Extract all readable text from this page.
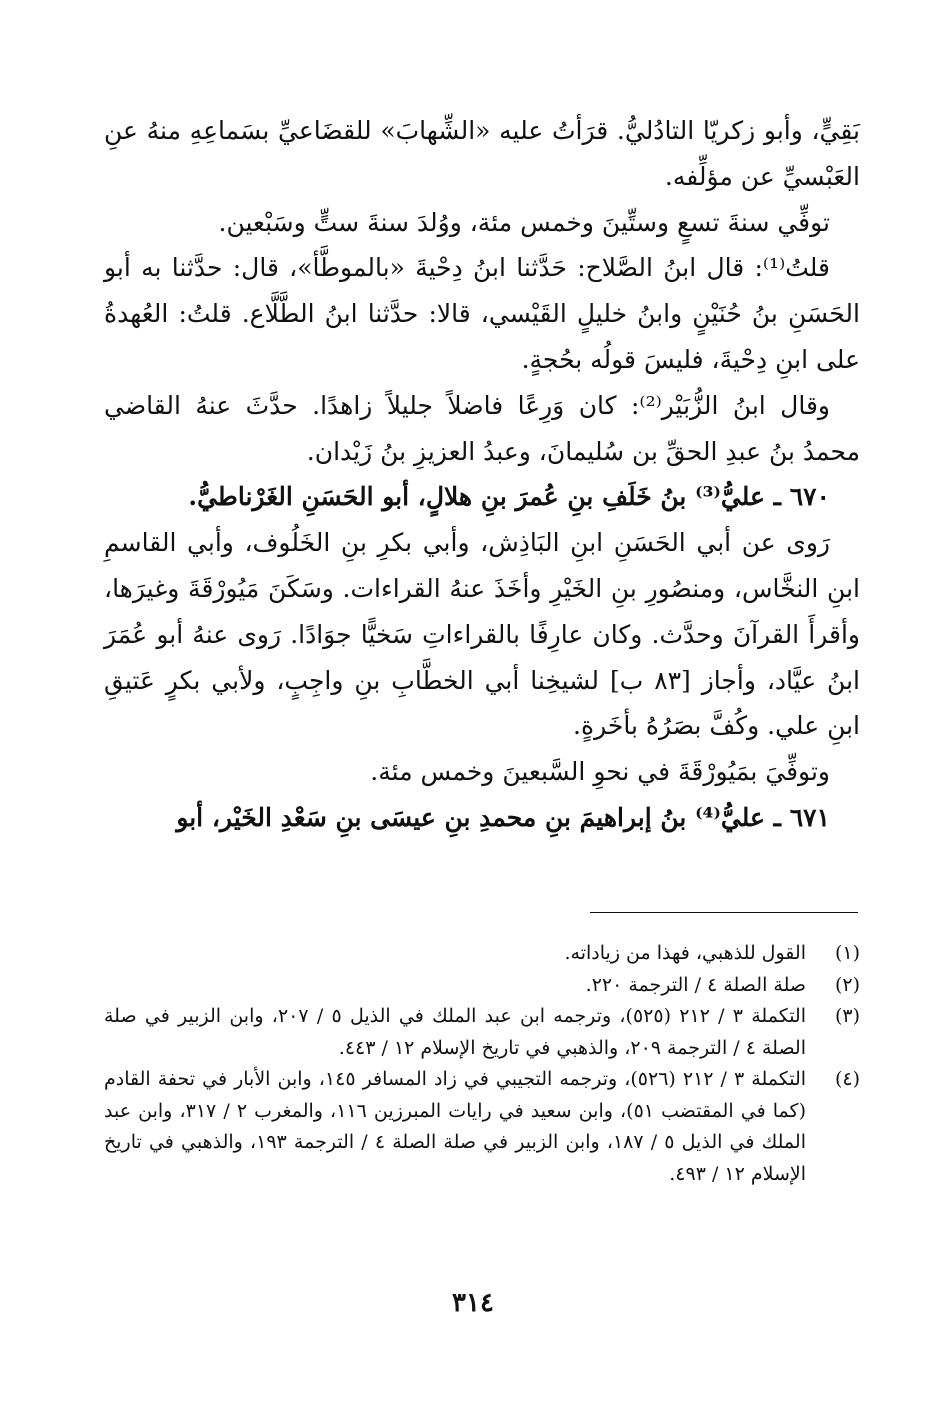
بَقِيٍّ، وأبو زكريّا التادُليُّ. قرَأتُ عليه «الشِّهابَ» للقضَاعيِّ بسَماعِهِ منهُ عنِ العَبْسيِّ عن مؤلِّفه.

توفِّي سنةَ تسعٍ وستِّينَ وخمس مئة، ووُلدَ سنةَ ستٍّ وسَبْعين.

قلتُ⁽¹⁾: قال ابنُ الصَّلاح: حَدَّثنا ابنُ دِحْيةَ «بالموطَّأ»، قال: حدَّثنا به أبو الحَسَنِ بنُ حُنَيْنٍ وابنُ خليلٍ القَيْسي، قالا: حدَّثنا ابنُ الطَّلَّاع. قلتُ: العُهدةُ على ابنِ دِحْيةَ، فليسَ قولُه بحُجةٍ.

وقال ابنُ الزُّبَيْر⁽²⁾: كان وَرِعًا فاضلاً جليلاً زاهدًا. حدَّثَ عنهُ القاضي محمدُ بنُ عبدِ الحقِّ بن سُليمانَ، وعبدُ العزيزِ بنُ زَيْدان.

٦٧٠ ـ عليُّ⁽³⁾ بنُ خَلَفِ بنِ عُمرَ بنِ هلالٍ، أبو الحَسَنِ الغَرْناطيُّ.

رَوى عن أبي الحَسَنِ ابنِ البَاذِش، وأبي بكرِ بنِ الخَلُوف، وأبي القاسمِ ابنِ النخَّاس، ومنصُورِ بنِ الخَيْرِ وأخَذَ عنهُ القراءات. وسَكَنَ مَيُورْقَةَ وغيرَها، وأقرأَ القرآنَ وحدَّث. وكان عارِفًا بالقراءاتِ سَخيًّا جوَادًا. رَوى عنهُ أبو عُمَرَ ابنُ عيَّاد، وأجاز [٨٣ ب] لشيخِنا أبي الخطَّابِ بنِ واجِبٍ، ولأبي بكرٍ عَتيقِ ابنِ علي. وكُفَّ بصَرُهُ بأخَرةٍ.

وتوفِّيَ بمَيُورْقَةَ في نحوِ السَّبعينَ وخمس مئة.

٦٧١ ـ عليُّ⁽⁴⁾ بنُ إبراهيمَ بنِ محمدِ بنِ عيسَى بنِ سَعْدِ الخَيْر، أبو

(١)
القول للذهبي، فهذا من زياداته.
(٢)
صلة الصلة ٤ / الترجمة ٢٢٠.
(٣)
التكملة ٣ / ٢١٢ (٥٢٥)، وترجمه ابن عبد الملك في الذيل ٥ / ٢٠٧، وابن الزبير في صلة الصلة ٤ / الترجمة ٢٠٩، والذهبي في تاريخ الإسلام ١٢ / ٤٤٣.
(٤)
التكملة ٣ / ٢١٢ (٥٢٦)، وترجمه التجيبي في زاد المسافر ١٤٥، وابن الأبار في تحفة القادم (كما في المقتضب ٥١)، وابن سعيد في رايات المبرزين ١١٦، والمغرب ٢ / ٣١٧، وابن عبد الملك في الذيل ٥ / ١٨٧، وابن الزبير في صلة الصلة ٤ / الترجمة ١٩٣، والذهبي في تاريخ الإسلام ١٢ / ٤٩٣.
٣١٤
